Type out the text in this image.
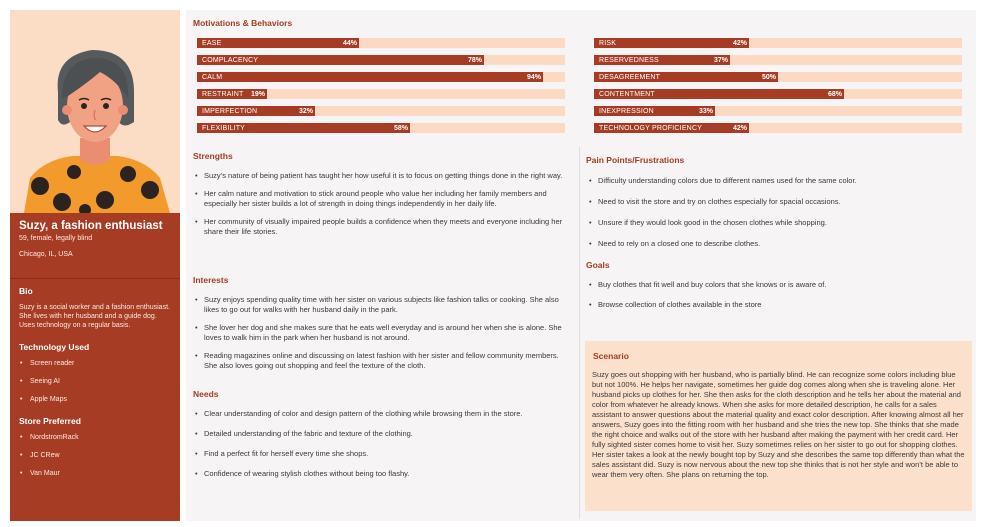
Suzy, a fashion enthusiast
59, female, legally blind
Chicago, IL, USA
Bio
Suzy is a social worker and a fashion enthusiast. She lives with her husband and a guide dog. Uses technology on a regular basis.
Technology Used
• Screen reader
• Seeing AI
• Apple Maps
Store Preferred
• NordstromRack
• JC CRew
• Van Maur
Motivations & Behaviors
EASE	44%
COMPLACENCY	78%
CALM	94%
RESTRAINT	19%
IMPERFECTION	32%
FLEXIBILITY	58%
RISK	42%
RESERVEDNESS	37%
DESAGREEMENT	50%
CONTENTMENT	68%
INEXPRESSION	33%
TECHNOLOGY PROFICIENCY	42%
Strengths
• Suzy’s nature of being patient has taught her how useful it is to focus on getting things done in the right way.
• Her calm nature and motivation to stick around people who value her including her family members and especially her sister builds a lot of strength in doing things independently in her daily life.
• Her community of visually impaired people builds a confidence when they meets and everyone including her share their life stories.
Interests
• Suzy enjoys spending quality time with her sister on various subjects like fashion talks or cooking. She also likes to go out for walks with her husband daily in the park.
• She lover her dog and she makes sure that he eats well everyday and is around her when she is alone. She loves to walk him in the park when her husband is not around.
• Reading magazines online and discussing on latest fashion with her sister and fellow community members. She also loves going out shopping and feel the texture of the cloth.
Needs
• Clear understanding of color and design pattern of the clothing while browsing them in the store.
• Detailed understanding of the fabric and texture of the clothing.
• Find a perfect fit for herself every time she shops.
• Confidence of wearing stylish clothes without being too flashy.
Pain Points/Frustrations
• Difficulty understanding colors due to different names used for the same color.
• Need to visit the store and try on clothes especially for spacial occasions.
• Unsure if they would look good in the chosen clothes while shopping.
• Need to rely on a closed one to describe clothes.
Goals
• Buy clothes that fit well and buy colors that she knows or is aware of.
• Browse collection of clothes available in the store
Scenario
Suzy goes out shopping with her husband, who is partially blind. He can recognize some colors including blue but not 100%. He helps her navigate, sometimes her guide dog comes along when she is traveling alone. Her husband picks up clothes for her. She then asks for the cloth description and he tells her about the material and color from whatever he already knows. When she asks for more detailed description, he calls for a sales assistant to answer questions about the material quality and exact color description. After knowing almost all her answers, Suzy goes into the fitting room with her husband and she tries the new top. She thinks that she made the right choice and walks out of the store with her husband after making the payment with her credit card. Her fully sighted sister comes home to visit her. Suzy sometimes relies on her sister to go out for shopping clothes. Her sister takes a look at the newly bought top by Suzy and she describes the same top differently than what the sales assistant did. Suzy is now nervous about the new top she thinks that is not her style and won’t be able to wear them very often. She plans on returning the top.
